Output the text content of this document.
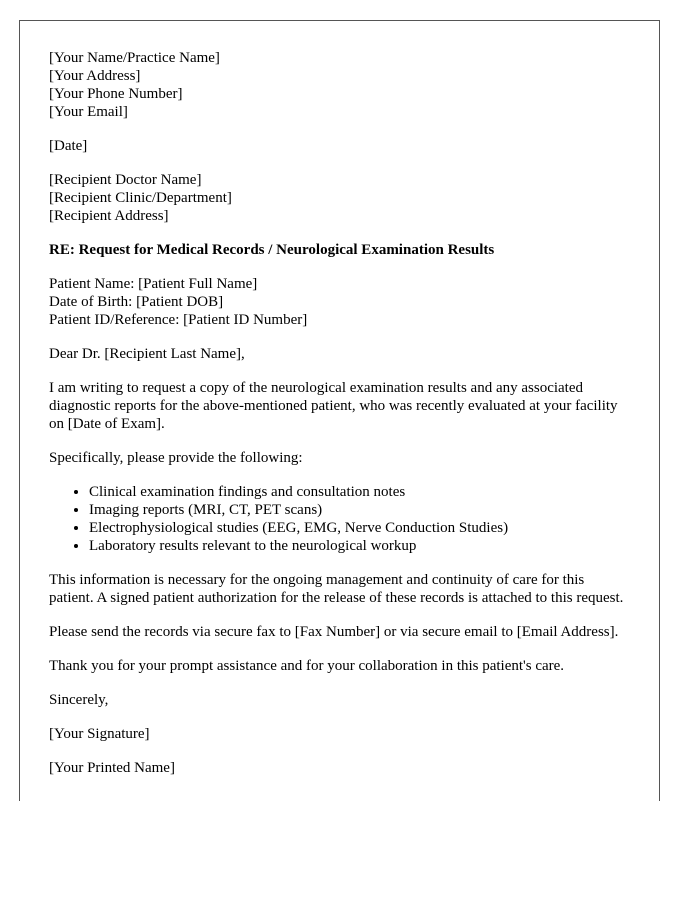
[Your Name/Practice Name]
[Your Address]
[Your Phone Number]
[Your Email]
[Date]
[Recipient Doctor Name]
[Recipient Clinic/Department]
[Recipient Address]
RE: Request for Medical Records / Neurological Examination Results
Patient Name: [Patient Full Name]
Date of Birth: [Patient DOB]
Patient ID/Reference: [Patient ID Number]
Dear Dr. [Recipient Last Name],

I am writing to request a copy of the neurological examination results and any associated diagnostic reports for the above-mentioned patient, who was recently evaluated at your facility on [Date of Exam].

Specifically, please provide the following:

• Clinical examination findings and consultation notes
• Imaging reports (MRI, CT, PET scans)
• Electrophysiological studies (EEG, EMG, Nerve Conduction Studies)
• Laboratory results relevant to the neurological workup

This information is necessary for the ongoing management and continuity of care for this patient. A signed patient authorization for the release of these records is attached to this request.

Please send the records via secure fax to [Fax Number] or via secure email to [Email Address].

Thank you for your prompt assistance and for your collaboration in this patient's care.

Sincerely,
[Your Signature]
[Your Printed Name]
